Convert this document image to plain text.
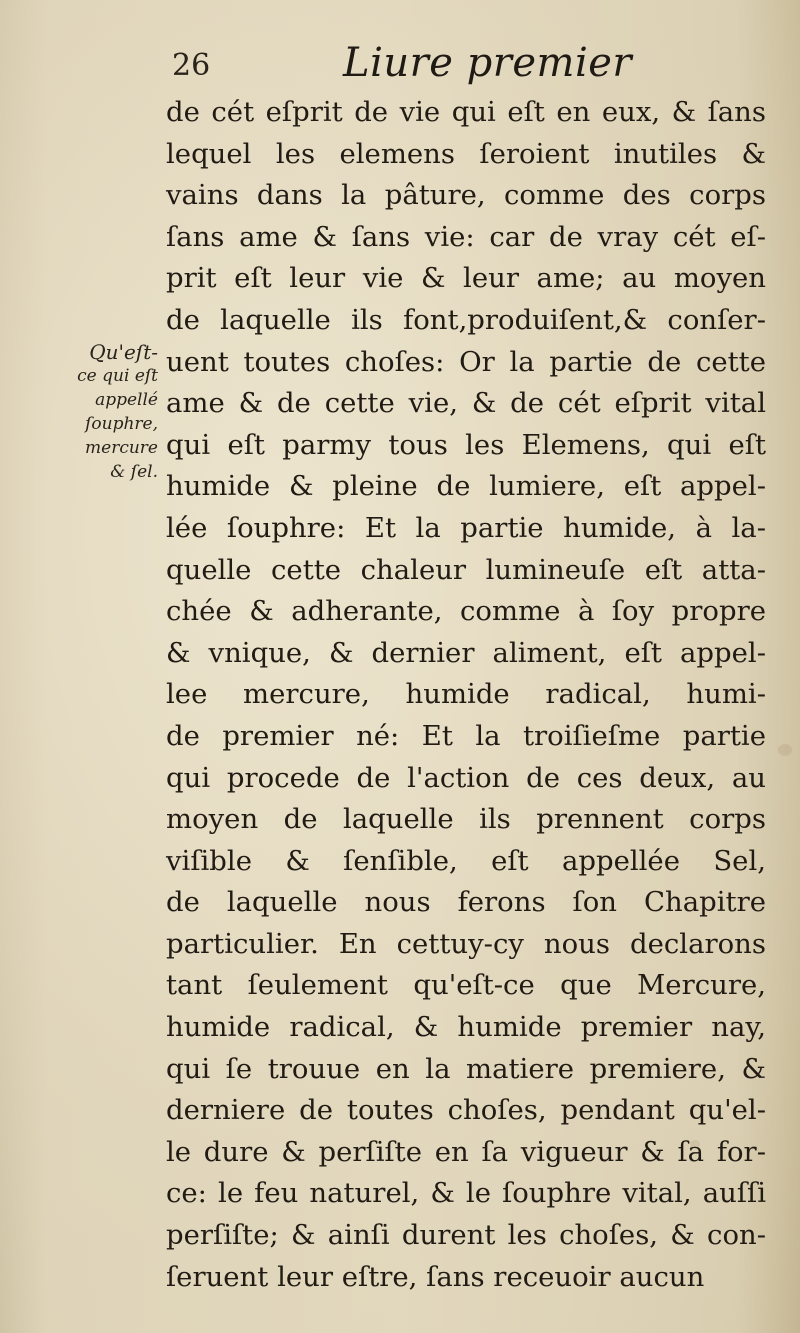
26	Liure premier
Qu'eſt-
ce qui eſt
appellé
ſouphre,
mercure
& ſel.
de cét eſprit de vie qui eſt en eux, & ſans
lequel les elemens ſeroient inutiles &
vains dans la pâture, comme des corps
ſans ame & ſans vie: car de vray cét eſ-
prit eſt leur vie & leur ame; au moyen
de laquelle ils font,produiſent,& conſer-
uent toutes choſes: Or la partie de cette
ame & de cette vie, & de cét eſprit vital
qui eſt parmy tous les Elemens, qui eſt
humide & pleine de lumiere, eſt appel-
lée ſouphre: Et la partie humide, à la-
quelle cette chaleur lumineuſe eſt atta-
chée & adherante, comme à ſoy propre
& vnique, & dernier aliment, eſt appel-
lee mercure, humide radical, humi-
de premier né: Et la troiſieſme partie
qui procede de l'action de ces deux, au
moyen de laquelle ils prennent corps
viſible & ſenſible, eſt appellée Sel,
de laquelle nous ferons ſon Chapitre
particulier. En cettuy-cy nous declarons
tant ſeulement qu'eſt-ce que Mercure,
humide radical, & humide premier nay,
qui ſe trouue en la matiere premiere, &
derniere de toutes choſes, pendant qu'el-
le dure & perſiſte en ſa vigueur & ſa for-
ce: le feu naturel, & le ſouphre vital, auſſi
perſiſte; & ainſi durent les choſes, & con-
ſeruent leur eſtre, ſans receuoir aucun
